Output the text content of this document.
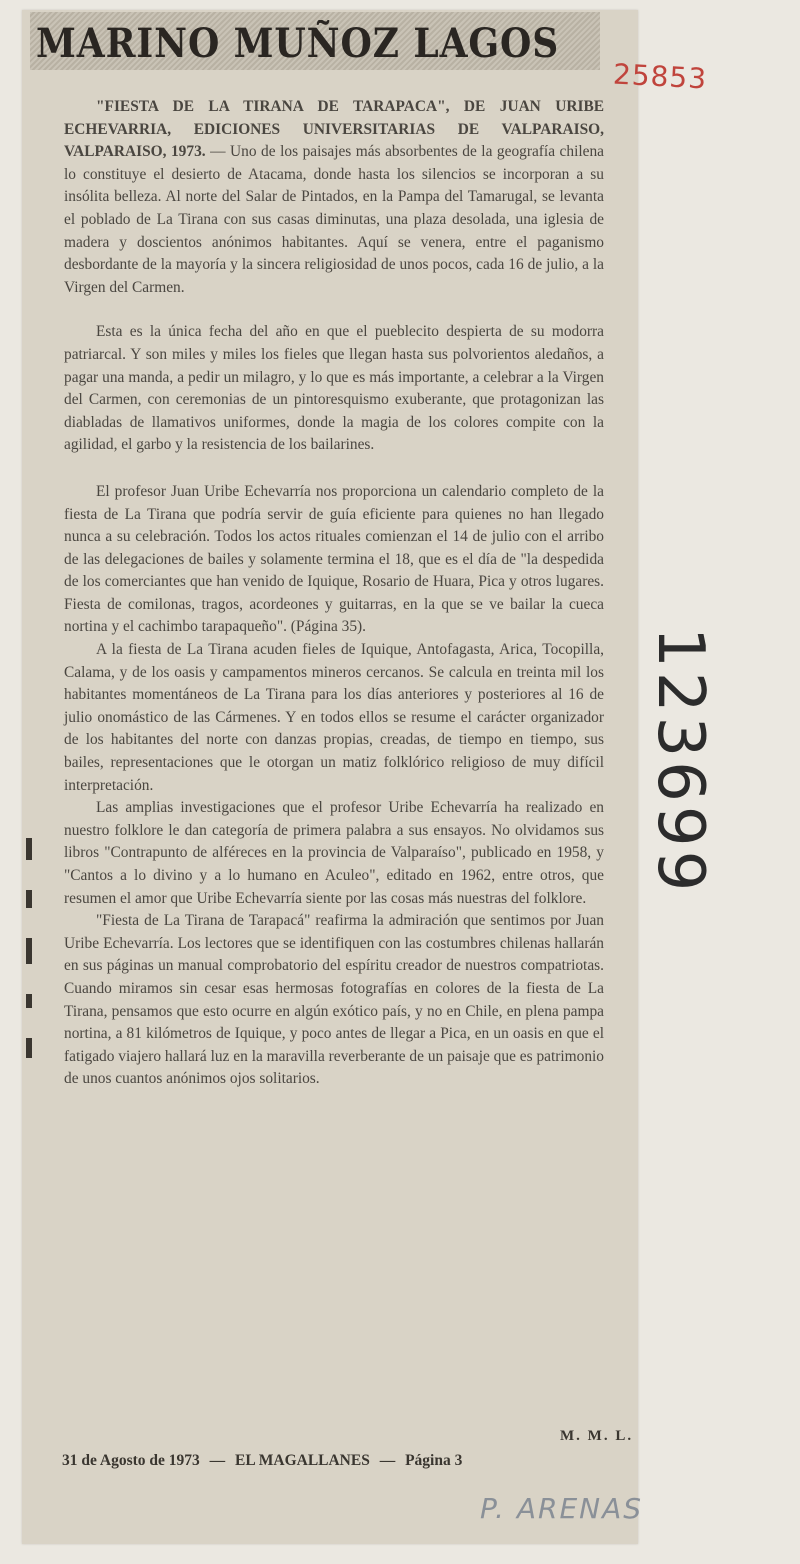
MARINO MUÑOZ LAGOS
25853

"FIESTA DE LA TIRANA DE TARAPACA", DE JUAN URIBE ECHEVARRIA, EDICIONES UNIVERSITARIAS DE VALPARAISO, VALPARAISO, 1973. — Uno de los paisajes más absorbentes de la geografía chilena lo constituye el desierto de Atacama, donde hasta los silencios se incorporan a su insólita belleza. Al norte del Salar de Pintados, en la Pampa del Tamarugal, se levanta el poblado de La Tirana con sus casas diminutas, una plaza desolada, una iglesia de madera y doscientos anónimos habitantes. Aquí se venera, entre el paganismo desbordante de la mayoría y la sincera religiosidad de unos pocos, cada 16 de julio, a la Virgen del Carmen.

Esta es la única fecha del año en que el pueblecito despierta de su modorra patriarcal. Y son miles y miles los fieles que llegan hasta sus polvorientos aledaños, a pagar una manda, a pedir un milagro, y lo que es más importante, a celebrar a la Virgen del Carmen, con ceremonias de un pintoresquismo exuberante, que protagonizan las diabladas de llamativos uniformes, donde la magia de los colores compite con la agilidad, el garbo y la resistencia de los bailarines.

El profesor Juan Uribe Echevarría nos proporciona un calendario completo de la fiesta de La Tirana que podría servir de guía eficiente para quienes no han llegado nunca a su celebración. Todos los actos rituales comienzan el 14 de julio con el arribo de las delegaciones de bailes y solamente termina el 18, que es el día de "la despedida de los comerciantes que han venido de Iquique, Rosario de Huara, Pica y otros lugares. Fiesta de comilonas, tragos, acordeones y guitarras, en la que se ve bailar la cueca nortina y el cachimbo tarapaqueño". (Página 35).

A la fiesta de La Tirana acuden fieles de Iquique, Antofagasta, Arica, Tocopilla, Calama, y de los oasis y campamentos mineros cercanos. Se calcula en treinta mil los habitantes momentáneos de La Tirana para los días anteriores y posteriores al 16 de julio onomástico de las Cármenes. Y en todos ellos se resume el carácter organizador de los habitantes del norte con danzas propias, creadas, de tiempo en tiempo, sus bailes, representaciones que le otorgan un matiz folklórico religioso de muy difícil interpretación.

Las amplias investigaciones que el profesor Uribe Echevarría ha realizado en nuestro folklore le dan categoría de primera palabra a sus ensayos. No olvidamos sus libros "Contrapunto de alféreces en la provincia de Valparaíso", publicado en 1958, y "Cantos a lo divino y a lo humano en Aculeo", editado en 1962, entre otros, que resumen el amor que Uribe Echevarría siente por las cosas más nuestras del folklore.

"Fiesta de La Tirana de Tarapacá" reafirma la admiración que sentimos por Juan Uribe Echevarría. Los lectores que se identifiquen con las costumbres chilenas hallarán en sus páginas un manual comprobatorio del espíritu creador de nuestros compatriotas. Cuando miramos sin cesar esas hermosas fotografías en colores de la fiesta de La Tirana, pensamos que esto ocurre en algún exótico país, y no en Chile, en plena pampa nortina, a 81 kilómetros de Iquique, y poco antes de llegar a Pica, en un oasis en que el fatigado viajero hallará luz en la maravilla reverberante de un paisaje que es patrimonio de unos cuantos anónimos ojos solitarios.

M. M. L.
31 de Agosto de 1973 — EL MAGALLANES — Página 3
123699
P. ARENAS
